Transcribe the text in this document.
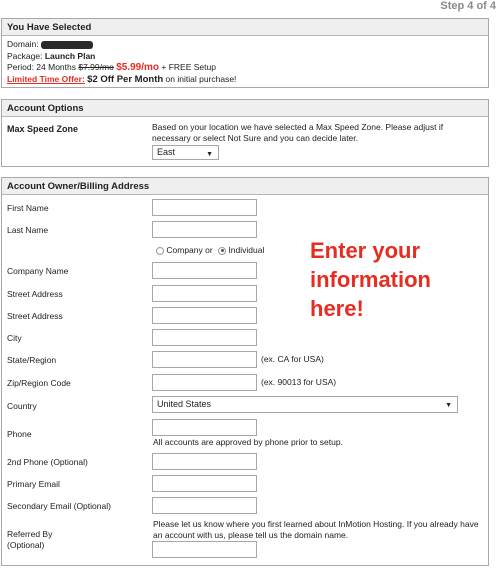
Step 4 of 4
You Have Selected
Domain:
Package: Launch Plan
Period: 24 Months $7.99/mo $5.99/mo + FREE Setup
Limited Time Offer: $2 Off Per Month on initial purchase!
Account Options
Max Speed Zone	Based on your location we have selected a Max Speed Zone. Please adjust if necessary or select Not Sure and you can decide later.
East	▼
Account Owner/Billing Address
First Name
Last Name
Company or Individual
Company Name
Street Address
Street Address
City
State/Region	(ex. CA for USA)
Zip/Region Code	(ex. 90013 for USA)
Country	United States	▼
Phone
All accounts are approved by phone prior to setup.
2nd Phone (Optional)
Primary Email
Secondary Email (Optional)
Referred By (Optional)
Please let us know where you first learned about InMotion Hosting. If you already have an account with us, please tell us the domain name.
Enter your
information
here!
